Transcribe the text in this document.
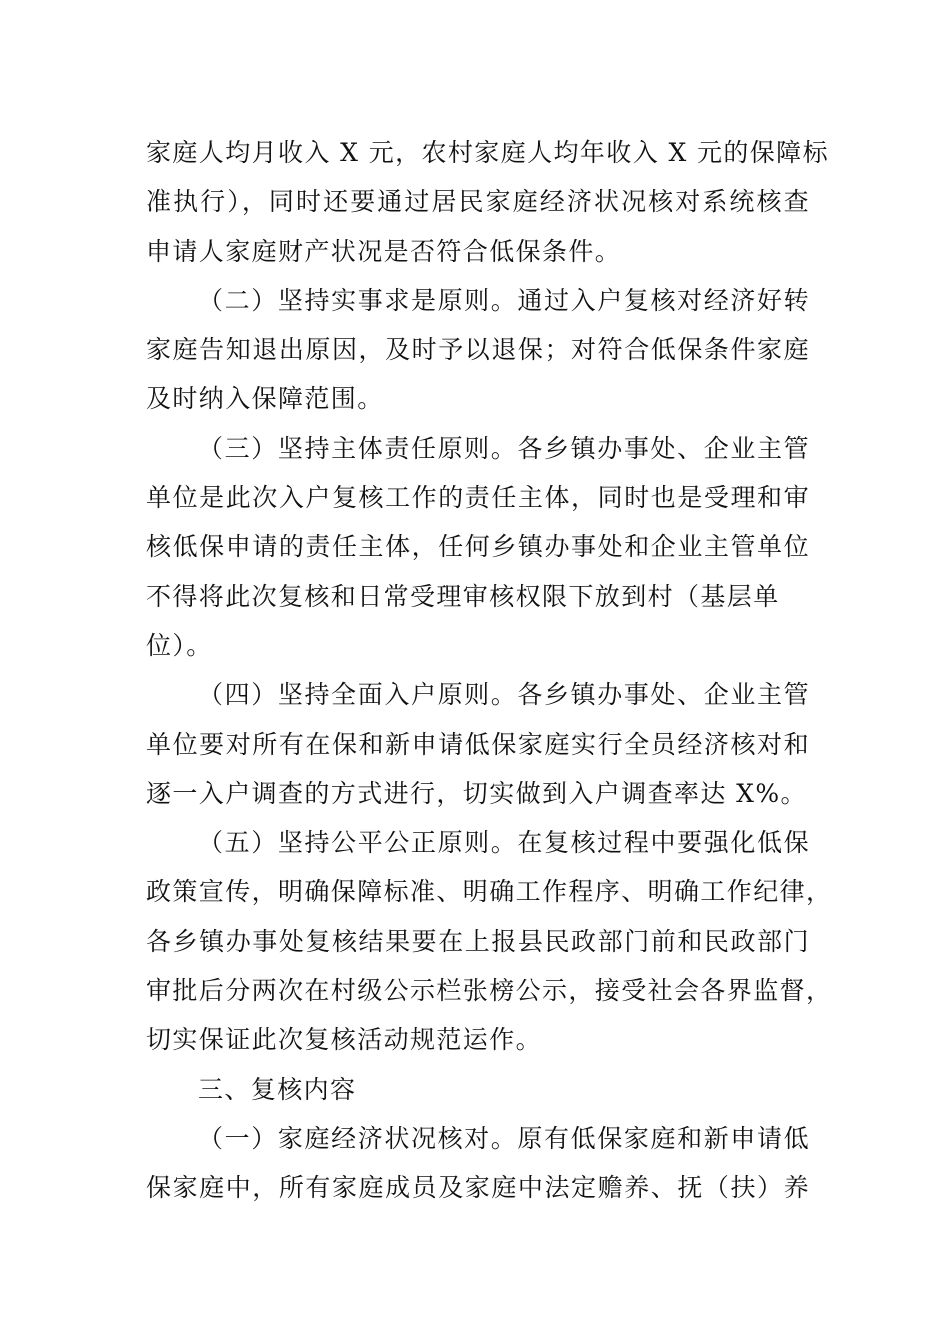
家庭人均月收入 X 元，农村家庭人均年收入 X 元的保障标
准执行），同时还要通过居民家庭经济状况核对系统核查
申请人家庭财产状况是否符合低保条件。
（二）坚持实事求是原则。通过入户复核对经济好转
家庭告知退出原因，及时予以退保；对符合低保条件家庭
及时纳入保障范围。
（三）坚持主体责任原则。各乡镇办事处、企业主管
单位是此次入户复核工作的责任主体，同时也是受理和审
核低保申请的责任主体，任何乡镇办事处和企业主管单位
不得将此次复核和日常受理审核权限下放到村（基层单
位）。
（四）坚持全面入户原则。各乡镇办事处、企业主管
单位要对所有在保和新申请低保家庭实行全员经济核对和
逐一入户调查的方式进行，切实做到入户调查率达 X%。
（五）坚持公平公正原则。在复核过程中要强化低保
政策宣传，明确保障标准、明确工作程序、明确工作纪律，
各乡镇办事处复核结果要在上报县民政部门前和民政部门
审批后分两次在村级公示栏张榜公示，接受社会各界监督，
切实保证此次复核活动规范运作。
三、复核内容
（一）家庭经济状况核对。原有低保家庭和新申请低
保家庭中，所有家庭成员及家庭中法定赡养、抚（扶）养
